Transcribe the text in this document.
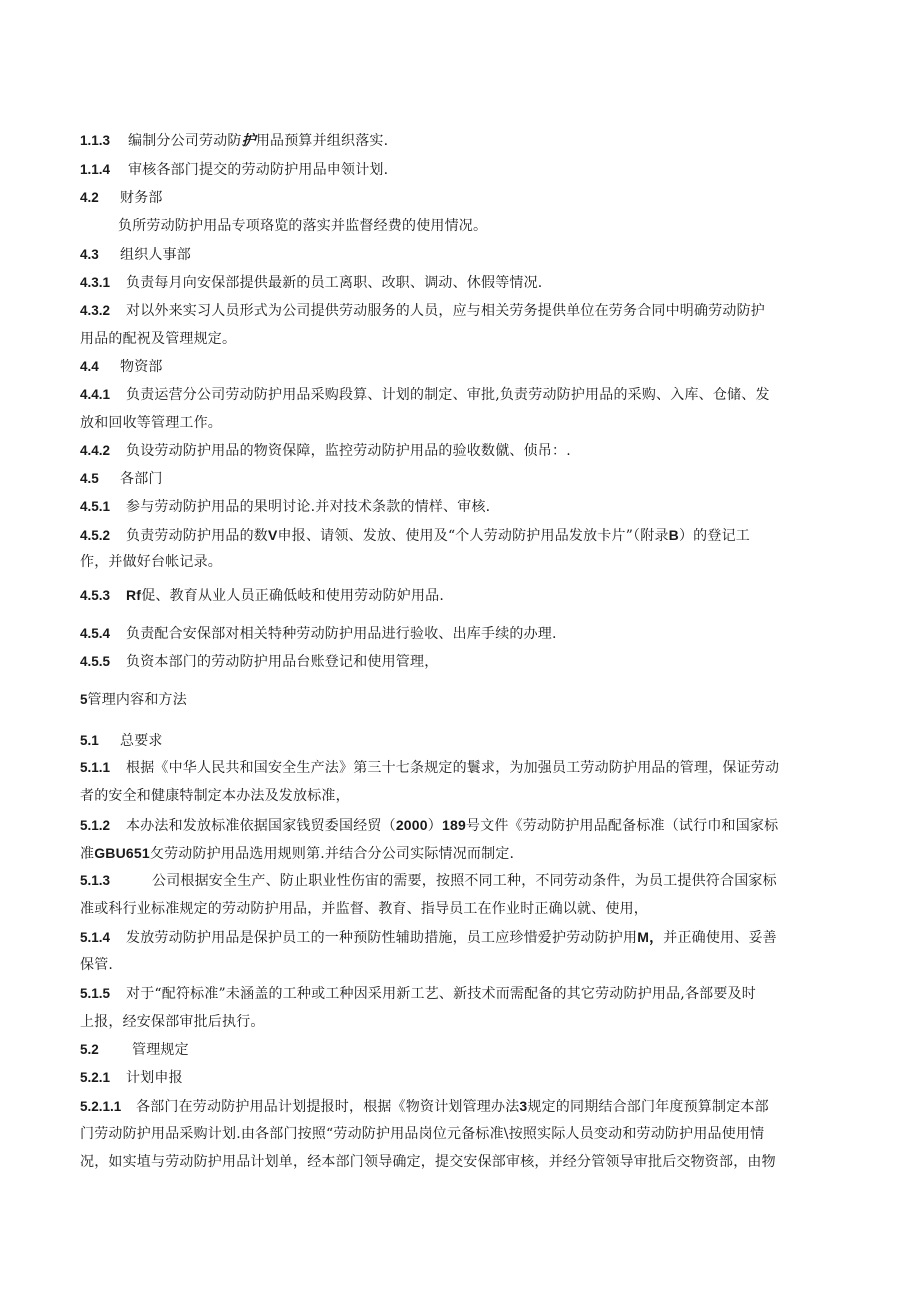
1.1.3 编制分公司劳动防护用品预算并组织落实.
1.1.4 审核各部门提交的劳动防护用品申领计划.
4.2 财务部
负所劳动防护用品专项珞览的落实并监督经费的使用情况。
4.3 组织人事部
4.3.1 负责每月向安保部提供最新的员工离职、改职、调动、休假等情况.
4.3.2 对以外来实习人员形式为公司提供劳动服务的人员，应与相关劳务提供单位在劳务合同中明确劳动防护
用品的配祝及管理规定。
4.4 物资部
4.4.1 负责运营分公司劳动防护用品采购段算、计划的制定、审批,负责劳动防护用品的采购、入库、仓储、发
放和回收等管理工作。
4.4.2 负设劳动防护用品的物资保障，监控劳动防护用品的验收数僦、侦吊：.
4.5 各部门
4.5.1 参与劳动防护用品的果明讨论.并对技术条款的情样、审核.
4.5.2 负责劳动防护用品的数V申报、请领、发放、使用及“个人劳动防护用品发放卡片”（附录B）的登记工
作，并做好台帐记录。
4.5.3 Rf促、教育从业人员正确低岐和使用劳动防妒用品.
4.5.4 负责配合安保部对相关特种劳动防护用品进行验收、出库手续的办理.
4.5.5 负资本部门的劳动防护用品台账登记和使用管理，
5管理内容和方法
5.1 总要求
5.1.1 根据《中华人民共和国安全生产法》第三十七条规定的鬟求，为加强员工劳动防护用品的管理，保证劳动
者的安全和健康特制定本办法及发放标准，
5.1.2 本办法和发放标准依据国家钱贸委国经贸（2000）189号文件《劳动防护用品配备标准（试行巾和国家标
准GBU651攵劳动防护用品选用规则第.并结合分公司实际情况而制定.
5.1.3	公司根据安全生产、防止职业性伤宙的需要，按照不同工种，不同劳动条件，为员工提供符合国家标
准或科行业标准规定的劳动防护用品，并监督、教育、指导员工在作业时正确以就、使用，
5.1.4 发放劳动防护用品是保护员工的一种预防性辅助措施，员工应珍惜爱护劳动防护用M，并正确使用、妥善
保管.
5.1.5 对于“配符标准”未涵盖的工种或工种因采用新工艺、新技术而需配备的其它劳动防护用品,各部要及时
上报，经安保部审批后执行。
5.2 管理规定
5.2.1 计划申报
5.2.1.1 各部门在劳动防护用品计划提报时，根据《物资计划管理办法3规定的同期结合部门年度预算制定本部
门劳动防护用品采购计划.由各部门按照“劳动防护用品岗位元备标准\按照实际人员变动和劳动防护用品使用情
况，如实埴与劳动防护用品计划单，经本部门领导确定，提交安保部审核，并经分管领导审批后交物资部，由物
